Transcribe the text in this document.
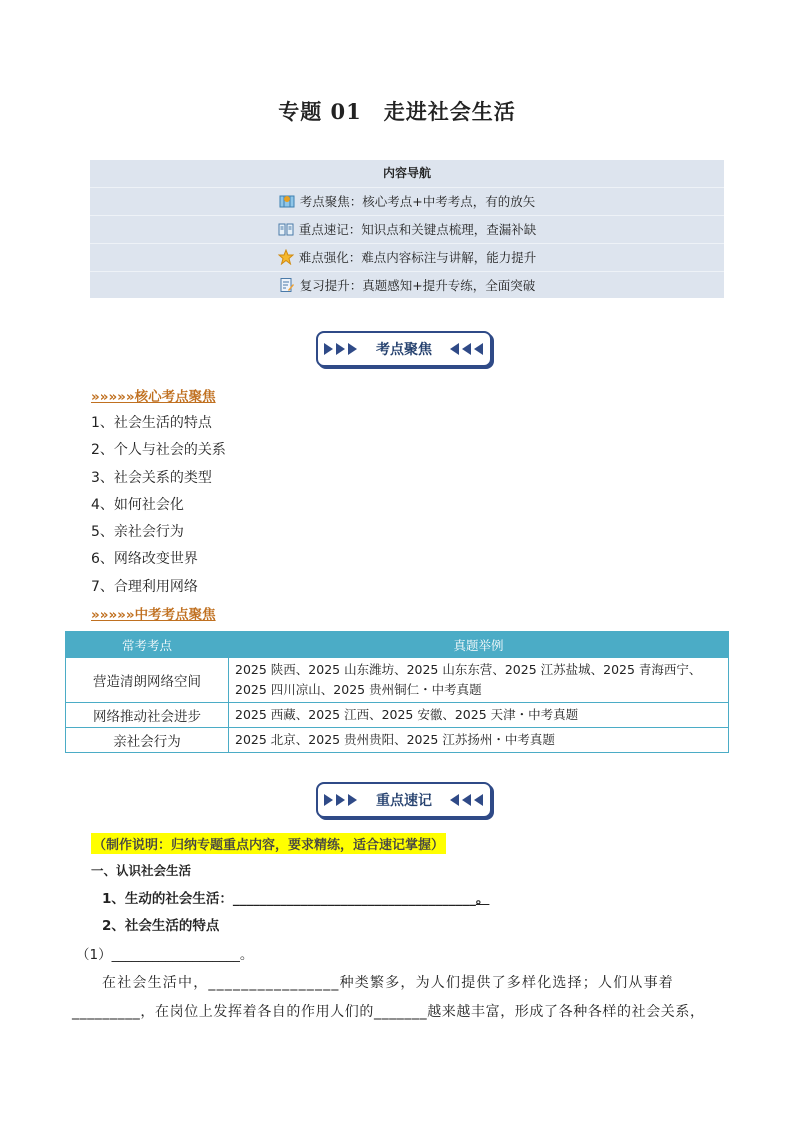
专题 01 走进社会生活
内容导航
考点聚焦：核心考点+中考考点，有的放矢
重点速记：知识点和关键点梳理，查漏补缺
难点强化：难点内容标注与讲解，能力提升
复习提升：真题感知+提升专练，全面突破
考点聚焦
»»»»»核心考点聚焦
1、社会生活的特点
2、个人与社会的关系
3、社会关系的类型
4、如何社会化
5、亲社会行为
6、网络改变世界
7、合理利用网络
»»»»»中考考点聚焦
常考考点	真题举例
营造清朗网络空间	2025 陕西、2025 山东潍坊、2025 山东东营、2025 江苏盐城、2025 青海西宁、2025 四川凉山、2025 贵州铜仁・中考真题
网络推动社会进步	2025 西藏、2025 江西、2025 安徽、2025 天津・中考真题
亲社会行为	2025 北京、2025 贵州贵阳、2025 江苏扬州・中考真题
重点速记
（制作说明：归纳专题重点内容，要求精练，适合速记掌握）
一、认识社会生活
1、生动的社会生活：____________________________________。
2、社会生活的特点
（1）___________________。
在社会生活中，________________种类繁多，为人们提供了多样化选择；人们从事着
_________，在岗位上发挥着各自的作用人们的_______越来越丰富，形成了各种各样的社会关系，
